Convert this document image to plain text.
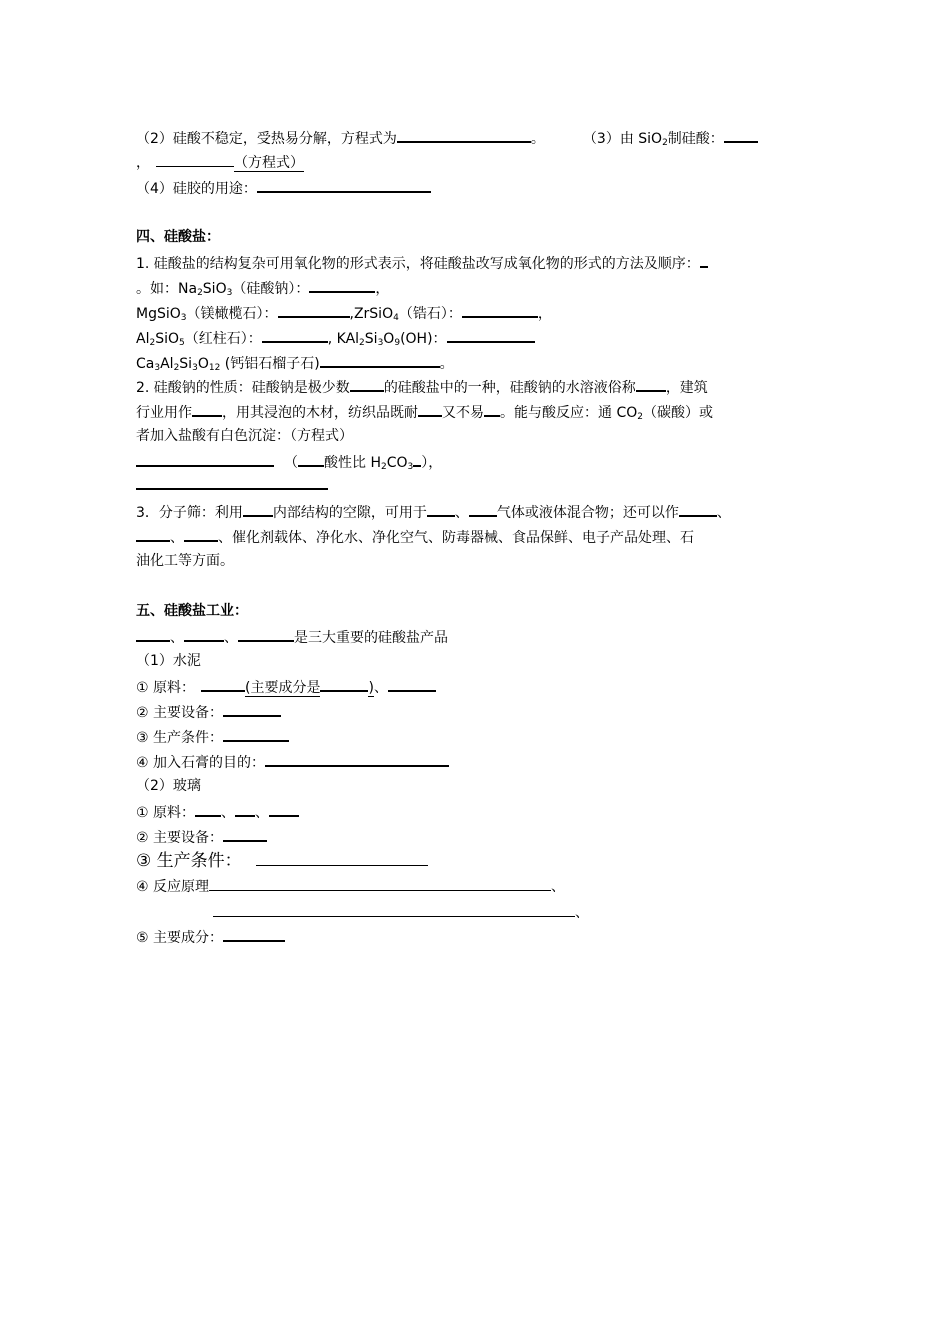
（2）硅酸不稳定，受热易分解，方程式为	。	（3）由 SiO$_2$制硅酸：
，	（方程式）
（4）硅胶的用途：
四、硅酸盐：
1. 硅酸盐的结构复杂可用氧化物的形式表示，将硅酸盐改写成氧化物的形式的方法及顺序：
。如：$Na_2SiO_3$（硅酸钠）：	，
MgSiO$_3$（镁橄榄石）：	,ZrSiO$_4$（锆石）：	，
$Al_2SiO_5$（红柱石）：	, $KAl_2Si_3O_9(OH)$：
$Ca_3Al_2Si_3O_{12}$ (钙铝石榴子石)	。
2. 硅酸钠的性质：硅酸钠是极少数 的硅酸盐中的一种，硅酸钠的水溶液俗称 ，建筑
行业用作 ，用其浸泡的木材，纺织品既耐 又不易 。能与酸反应：通 $CO_2$（碳酸）或
者加入盐酸有白色沉淀：（方程式）
（ 酸性比 $H_2CO_3$ ），
3．分子筛：利用 内部结构的空隙，可用于 、 气体或液体混合物；还可以作	、
、 、催化剂载体、净化水、净化空气、防毒器械、食品保鲜、电子产品处理、石
油化工等方面。
五、硅酸盐工业：
、	、	是三大重要的硅酸盐产品
（1）水泥
① 原料：	(主要成分是	)、
② 主要设备：
③ 生产条件：
④ 加入石膏的目的：
（2）玻璃
① 原料： 、 、
② 主要设备：
③ 生产条件：
④ 反应原理	、
、
⑤ 主要成分：
